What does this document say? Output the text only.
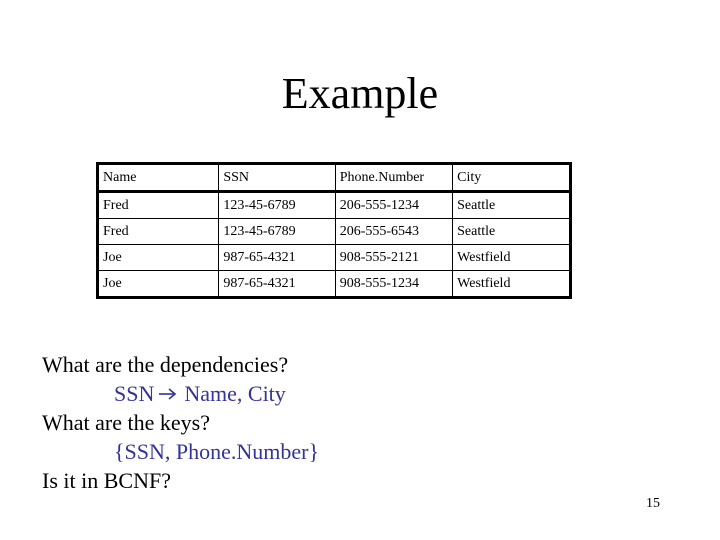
Example
Name	SSN	Phone.Number	City
Fred	123-45-6789	206-555-1234	Seattle
Fred	123-45-6789	206-555-6543	Seattle
Joe	987-65-4321	908-555-2121	Westfield
Joe	987-65-4321	908-555-1234	Westfield
What are the dependencies?
SSN Name, City
What are the keys?
{SSN, Phone.Number}
Is it in BCNF?
15
